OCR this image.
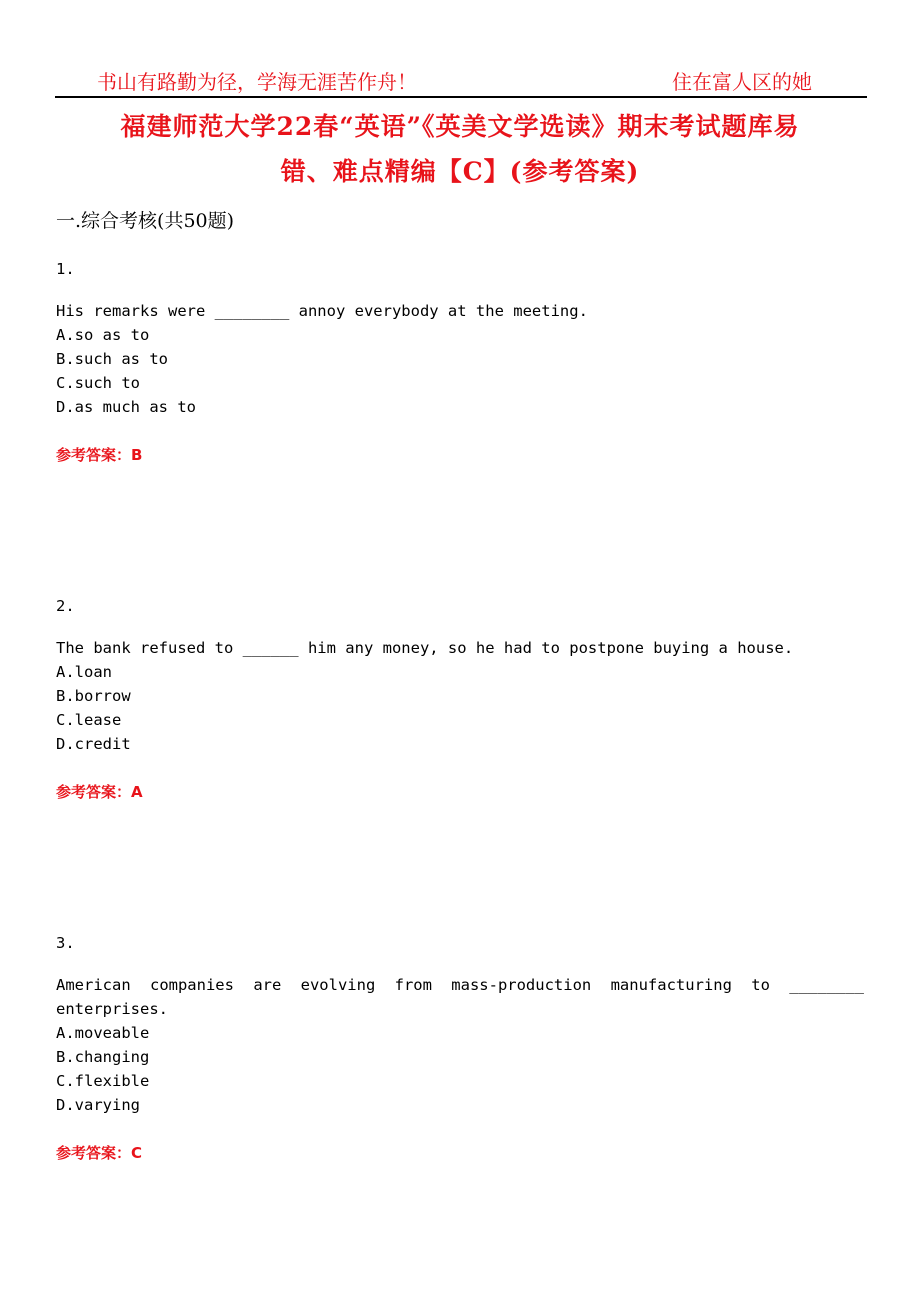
书山有路勤为径，学海无涯苦作舟！	住在富人区的她
福建师范大学22春“英语”《英美文学选读》期末考试题库易
错、难点精编【C】(参考答案)
一.综合考核(共50题)
1.
His remarks were ________ annoy everybody at the meeting.
A.so as to
B.such as to
C.such to
D.as much as to
参考答案：B
2.
The bank refused to ______ him any money, so he had to postpone buying a house.
A.loan
B.borrow
C.lease
D.credit
参考答案：A
3.
American companies are evolving from mass-production manufacturing to ________
enterprises.
A.moveable
B.changing
C.flexible
D.varying
参考答案：C
